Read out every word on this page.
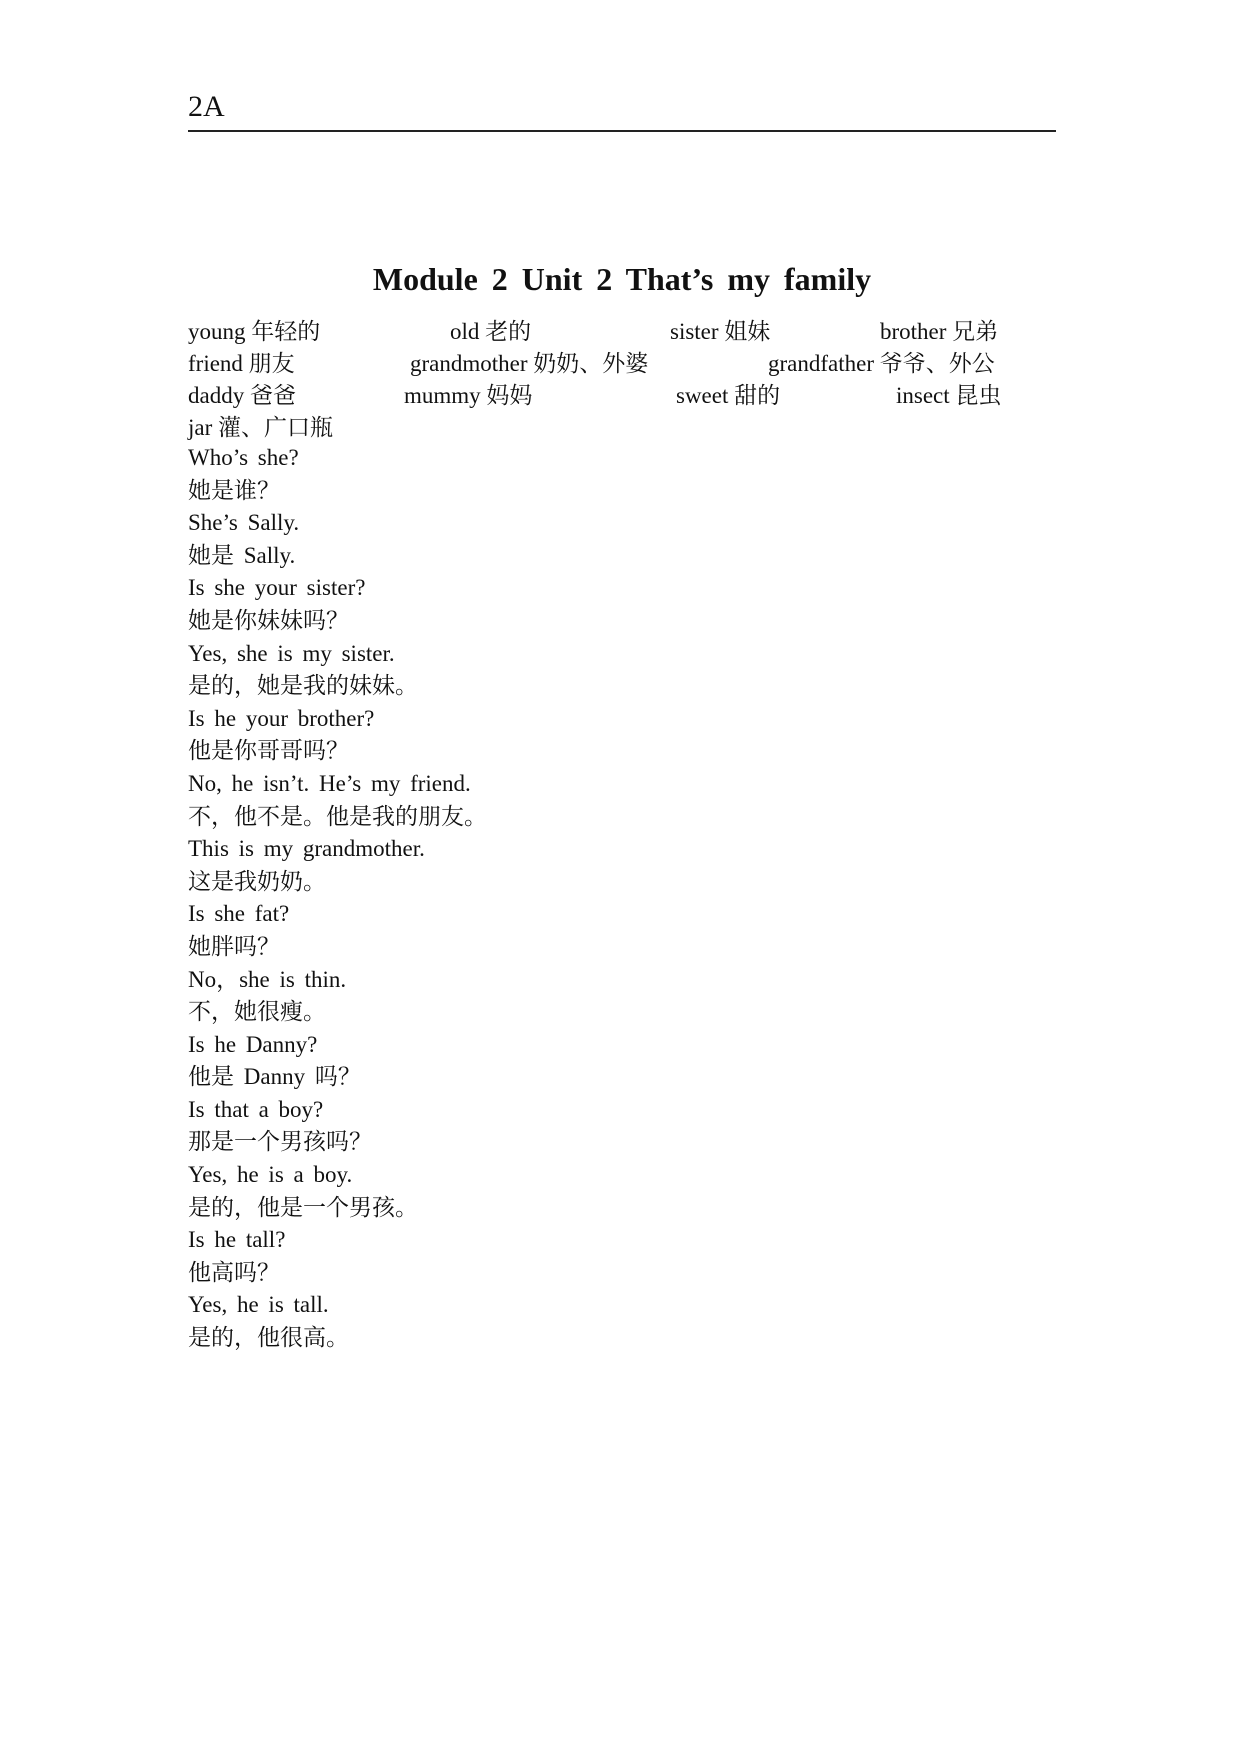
2A
Module 2 Unit 2 That’s my family
young 年轻的	old 老的	sister 姐妹	brother 兄弟
friend 朋友	grandmother 奶奶、外婆	grandfather 爷爷、外公
daddy 爸爸	mummy 妈妈	sweet 甜的	insect 昆虫
jar 灌、广口瓶
Who’s she?
她是谁？
She’s Sally.
她是 Sally.
Is she your sister?
她是你妹妹吗？
Yes, she is my sister.
是的，她是我的妹妹。
Is he your brother?
他是你哥哥吗？
No, he isn’t. He’s my friend.
不，他不是。他是我的朋友。
This is my grandmother.
这是我奶奶。
Is she fat?
她胖吗？
No，she is thin.
不，她很瘦。
Is he Danny?
他是 Danny 吗？
Is that a boy?
那是一个男孩吗？
Yes, he is a boy.
是的，他是一个男孩。
Is he tall?
他高吗？
Yes, he is tall.
是的，他很高。
